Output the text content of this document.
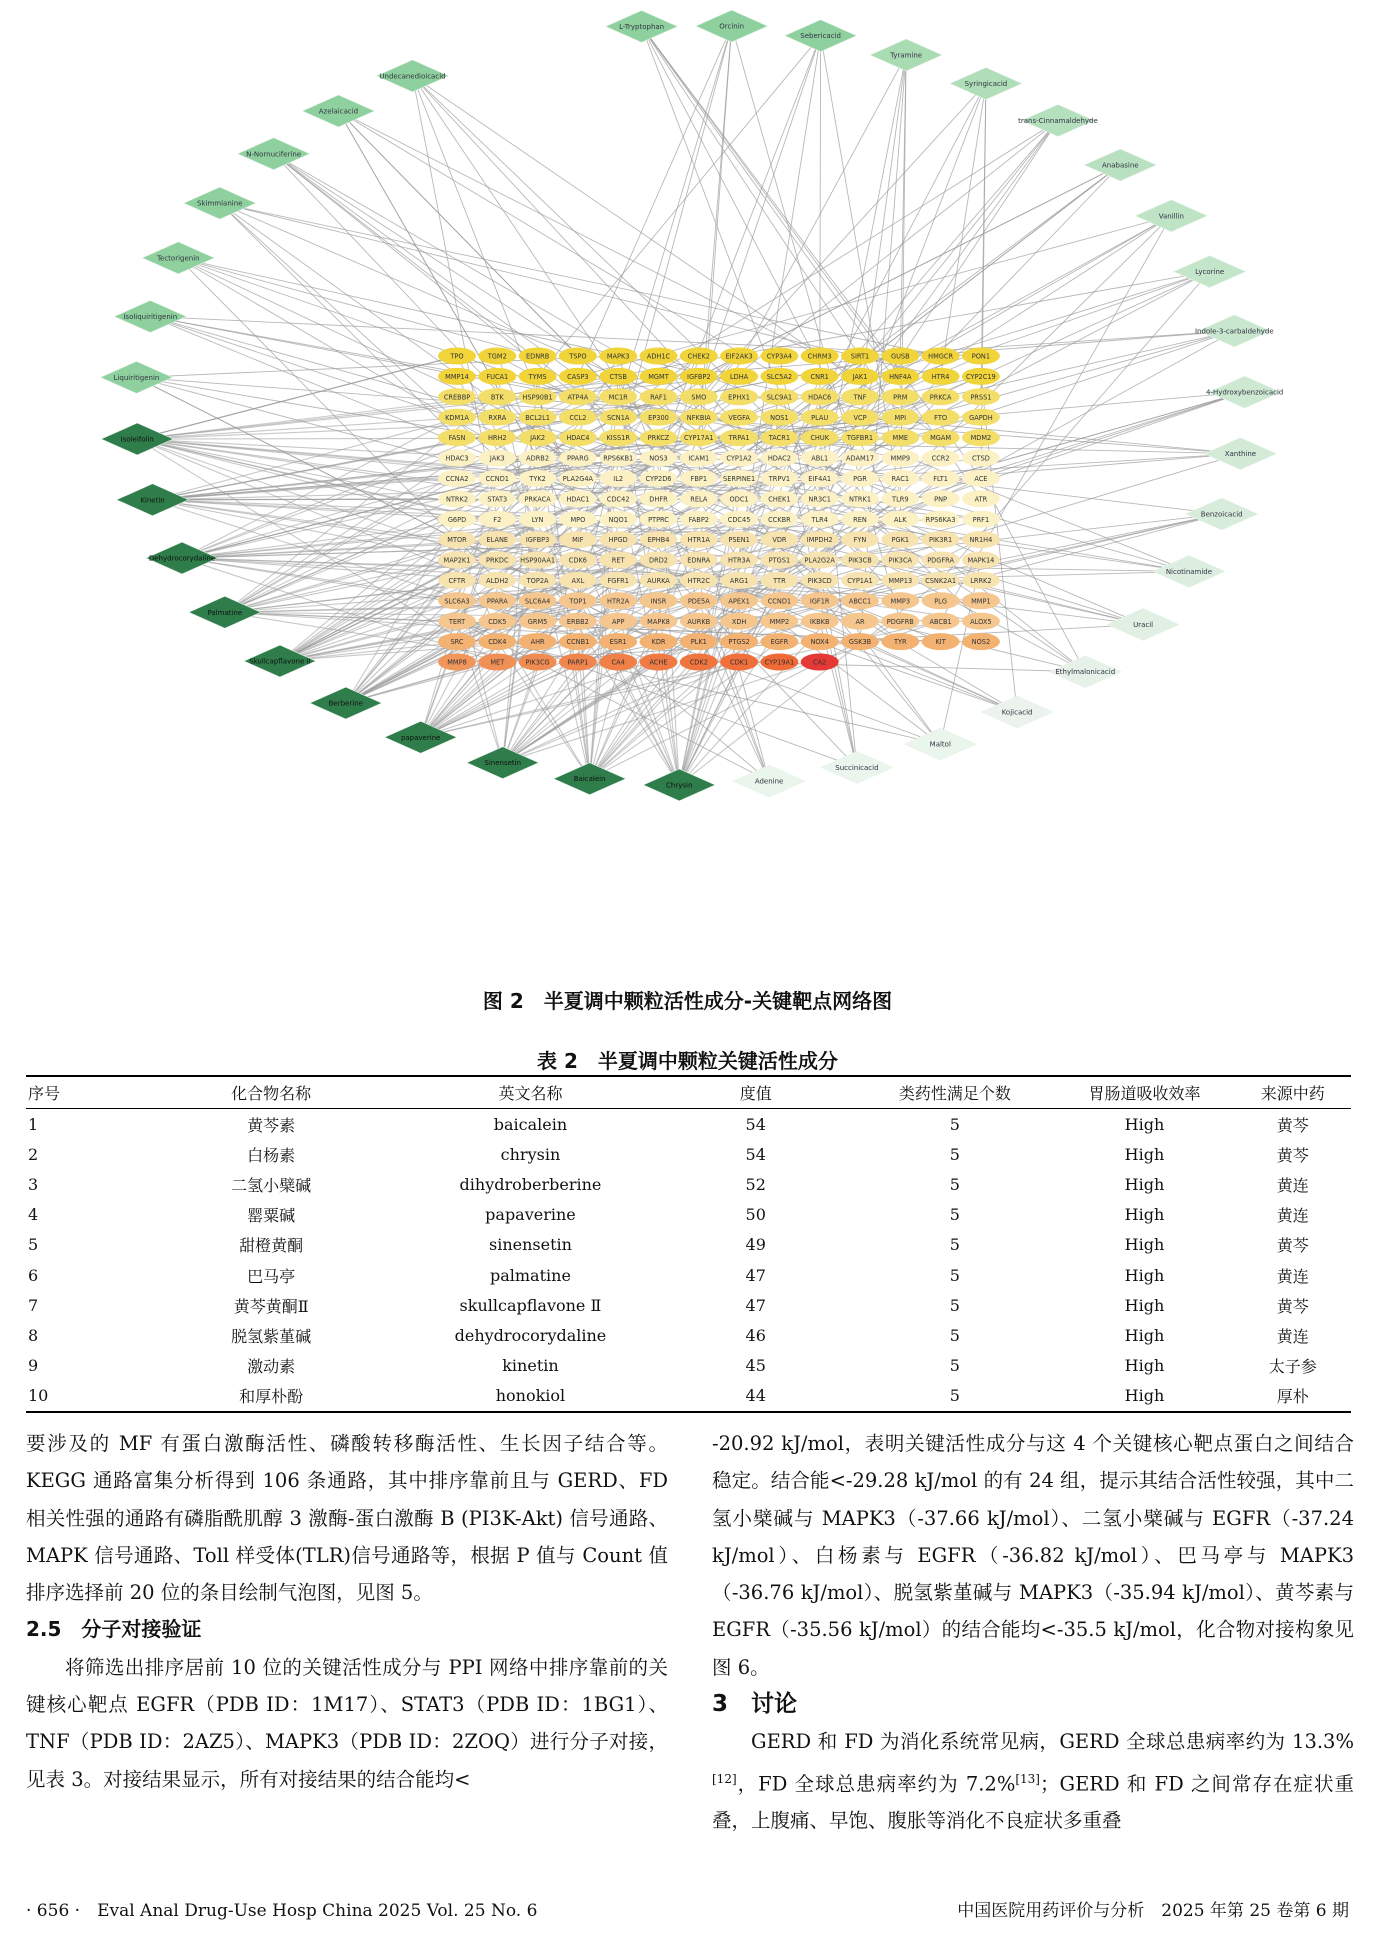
TPO	TGM2	EDNRB	TSPO	MAPK3	ADH1C	CHEK2 EIF2AK3 CYP3A4 CHRM3	SIRT1	GUSB	HMGCR	PON1
MMP14	FUCA1	TYMS	CASP3	CTSB	MGMT	IGFBP2	LDHA	SLC5A2	CNR1	JAK1	HNF4A	HTR4	CYP2C19
CREBBP	BTK	HSP90B1 ATP4A	MC1R	RAF1	SMO	EPHX1	SLC9A1 HDAC6	TNF	PRM	PRKCA	PRSS1
KDM1A	RXRA	BCL2L1	CCL2	SCN1A	EP300	NFKBIA	VEGFA	NOS1	PLAU	VCP	MPI	FTO	GAPDH
FASN	HRH2	JAK2	HDAC4	KISS1R	PRKCZ CYP17A1 TRPA1	TACR1	CHUK	TGFBR1	MME	MGAM	MDM2
HDAC3	JAK3	ADRB2	PPARG RPS6KB1 NOS3	ICAM1	CYP1A2 HDAC2	ABL1	ADAM17 MMP9	CCR2	CTSD
CCNA2	CCND1	TYK2	PLA2G4A	IL2	CYP2D6	FBP1 SERPINE1 TRPV1	EIF4A1	PGR	RAC1	FLT1	ACE
NTRK2	STAT3	PRKACA HDAC1	CDC42	DHFR	RELA	ODC1	CHEK1	NR3C1	NTRK1	TLR9	PNP	ATR
G6PD	F2	LYN	MPO	NQO1	PTPRC	FABP2	CDC45	CCKBR	TLR4	REN	ALK	RPS6KA3	PRF1
MTOR	ELANE	IGFBP3	MIF	HPGD	EPHB4	HTR1A	PSEN1	VDR	IMPDH2	FYN	PGK1	PIK3R1	NR1H4
MAP2K1 PRKDC HSP90AA1 CDK6	RET	DRD2	EDNRA	HTR3A	PTGS1 PLA2G2A PIK3CB	PIK3CA PDGFRA MAPK14
CFTR	ALDH2	TOP2A	AXL	FGFR1	AURKA	HTR2C	ARG1	TTR	PIK3CD CYP1A1 MMP13 CSNK2A1 LRRK2
SLC6A3	PPARA	SLC6A4	TOP1	HTR2A	INSR	PDE5A	APEX1	CCND1	IGF1R	ABCC1	MMP3	PLG	MMP1
TERT	CDK5	GRM5	ERBB2	APP	MAPK8	AURKB	XDH	MMP2	IKBKB	AR	PDGFRB ABCB1	ALOX5
SRC	CDK4	AHR	CCNB1	ESR1	KDR	PLK1	PTGS2	EGFR	NOX4	GSK3B	TYR	KIT	NOS2
MMP8	MET	PIK3CG	PARP1	CA4	ACHE	CDK2	CDK1 CYP19A1	CA2
L-Tryptophan	Orcinin
Sebericacid
Tyramine
Syringicacid
trans-Cinnamaldehyde
Anabasine
Vanillin
Lycorine
Indole-3-carbaldehyde
4-Hydroxybenzoicacid
Xanthine
Benzoicacid
Nicotinamide
Uracil
Ethylmalonicacid
Kojicacid
Maltol
Succinicacid
Adenine
Chrysin
Baicalein
Sinensetin
papaverine
Berberine
Skullcapflavone II
Palmatine
Dehydrocorydaline
Kinetin
Isoleifolin
Liquiritigenin
Isoliquiritigenin
Tectorigenin
Skimmianine
N-Nornuciferine
Azelaicacid
Undecanedioicacid
图 2　半夏调中颗粒活性成分-关键靶点网络图
表 2　半夏调中颗粒关键活性成分
序号	化合物名称	英文名称	度值	类药性满足个数	胃肠道吸收效率	来源中药
1	黄芩素	baicalein	54	5	High	黄芩
2	白杨素	chrysin	54	5	High	黄芩
3	二氢小檗碱	dihydroberberine	52	5	High	黄连
4	罂粟碱	papaverine	50	5	High	黄连
5	甜橙黄酮	sinensetin	49	5	High	黄芩
6	巴马亭	palmatine	47	5	High	黄连
7	黄芩黄酮Ⅱ	skullcapflavone Ⅱ	47	5	High	黄芩
8	脱氢紫堇碱	dehydrocorydaline	46	5	High	黄连
9	激动素	kinetin	45	5	High	太子参
10	和厚朴酚	honokiol	44	5	High	厚朴

要涉及的 MF 有蛋白激酶活性、磷酸转移酶活性、生长因子结合等。KEGG 通路富集分析得到 106 条通路，其中排序靠前且与 GERD、FD 相关性强的通路有磷脂酰肌醇 3 激酶-蛋白激酶 B (PI3K-Akt) 信号通路、MAPK 信号通路、Toll 样受体(TLR)信号通路等，根据 P 值与 Count 值排序选择前 20 位的条目绘制气泡图，见图 5。

2.5　分子对接验证

将筛选出排序居前 10 位的关键活性成分与 PPI 网络中排序靠前的关键核心靶点 EGFR（PDB ID：1M17）、STAT3（PDB ID：1BG1）、TNF（PDB ID：2AZ5）、MAPK3（PDB ID：2ZOQ）进行分子对接，见表 3。对接结果显示，所有对接结果的结合能均<

-20.92 kJ/mol，表明关键活性成分与这 4 个关键核心靶点蛋白之间结合稳定。结合能<-29.28 kJ/mol 的有 24 组，提示其结合活性较强，其中二氢小檗碱与 MAPK3（-37.66 kJ/mol）、二氢小檗碱与 EGFR（-37.24 kJ/mol）、白杨素与 EGFR（-36.82 kJ/mol）、巴马亭与 MAPK3（-36.76 kJ/mol）、脱氢紫堇碱与 MAPK3（-35.94 kJ/mol）、黄芩素与 EGFR（-35.56 kJ/mol）的结合能均<-35.5 kJ/mol，化合物对接构象见图 6。

3　讨论

GERD 和 FD 为消化系统常见病，GERD 全球总患病率约为 13.3%[12]，FD 全球总患病率约为 7.2%[13]；GERD 和 FD 之间常存在症状重叠，上腹痛、早饱、腹胀等消化不良症状多重叠

· 656 ·　Eval Anal Drug-Use Hosp China 2025 Vol. 25 No. 6	中国医院用药评价与分析　2025 年第 25 卷第 6 期
